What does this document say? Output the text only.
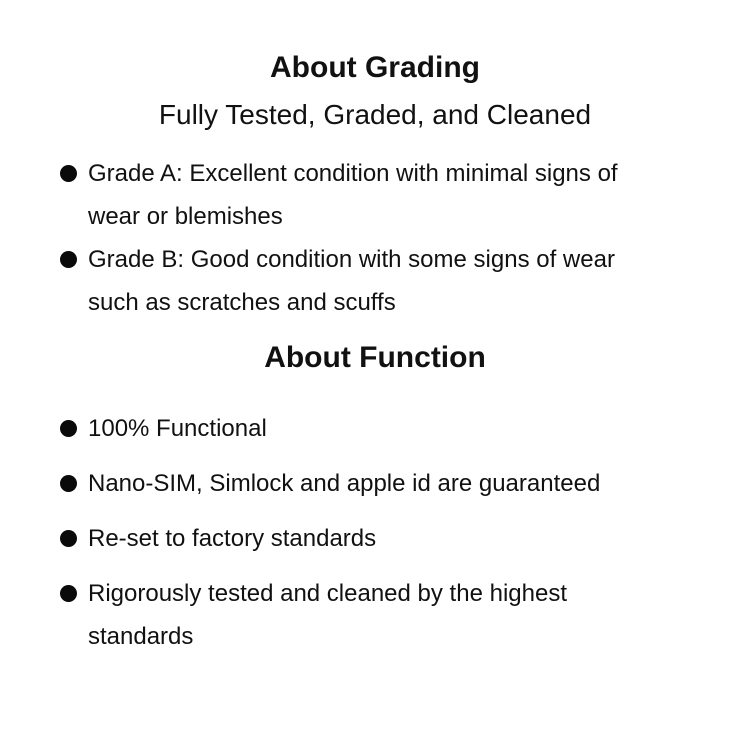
About Grading
Fully Tested, Graded, and Cleaned
Grade A: Excellent condition with minimal signs of wear or blemishes
Grade B: Good condition with some signs of wear such as scratches and scuffs
About Function
100% Functional
Nano-SIM, Simlock and apple id are guaranteed
Re-set to factory standards
Rigorously tested and cleaned by the highest standards
